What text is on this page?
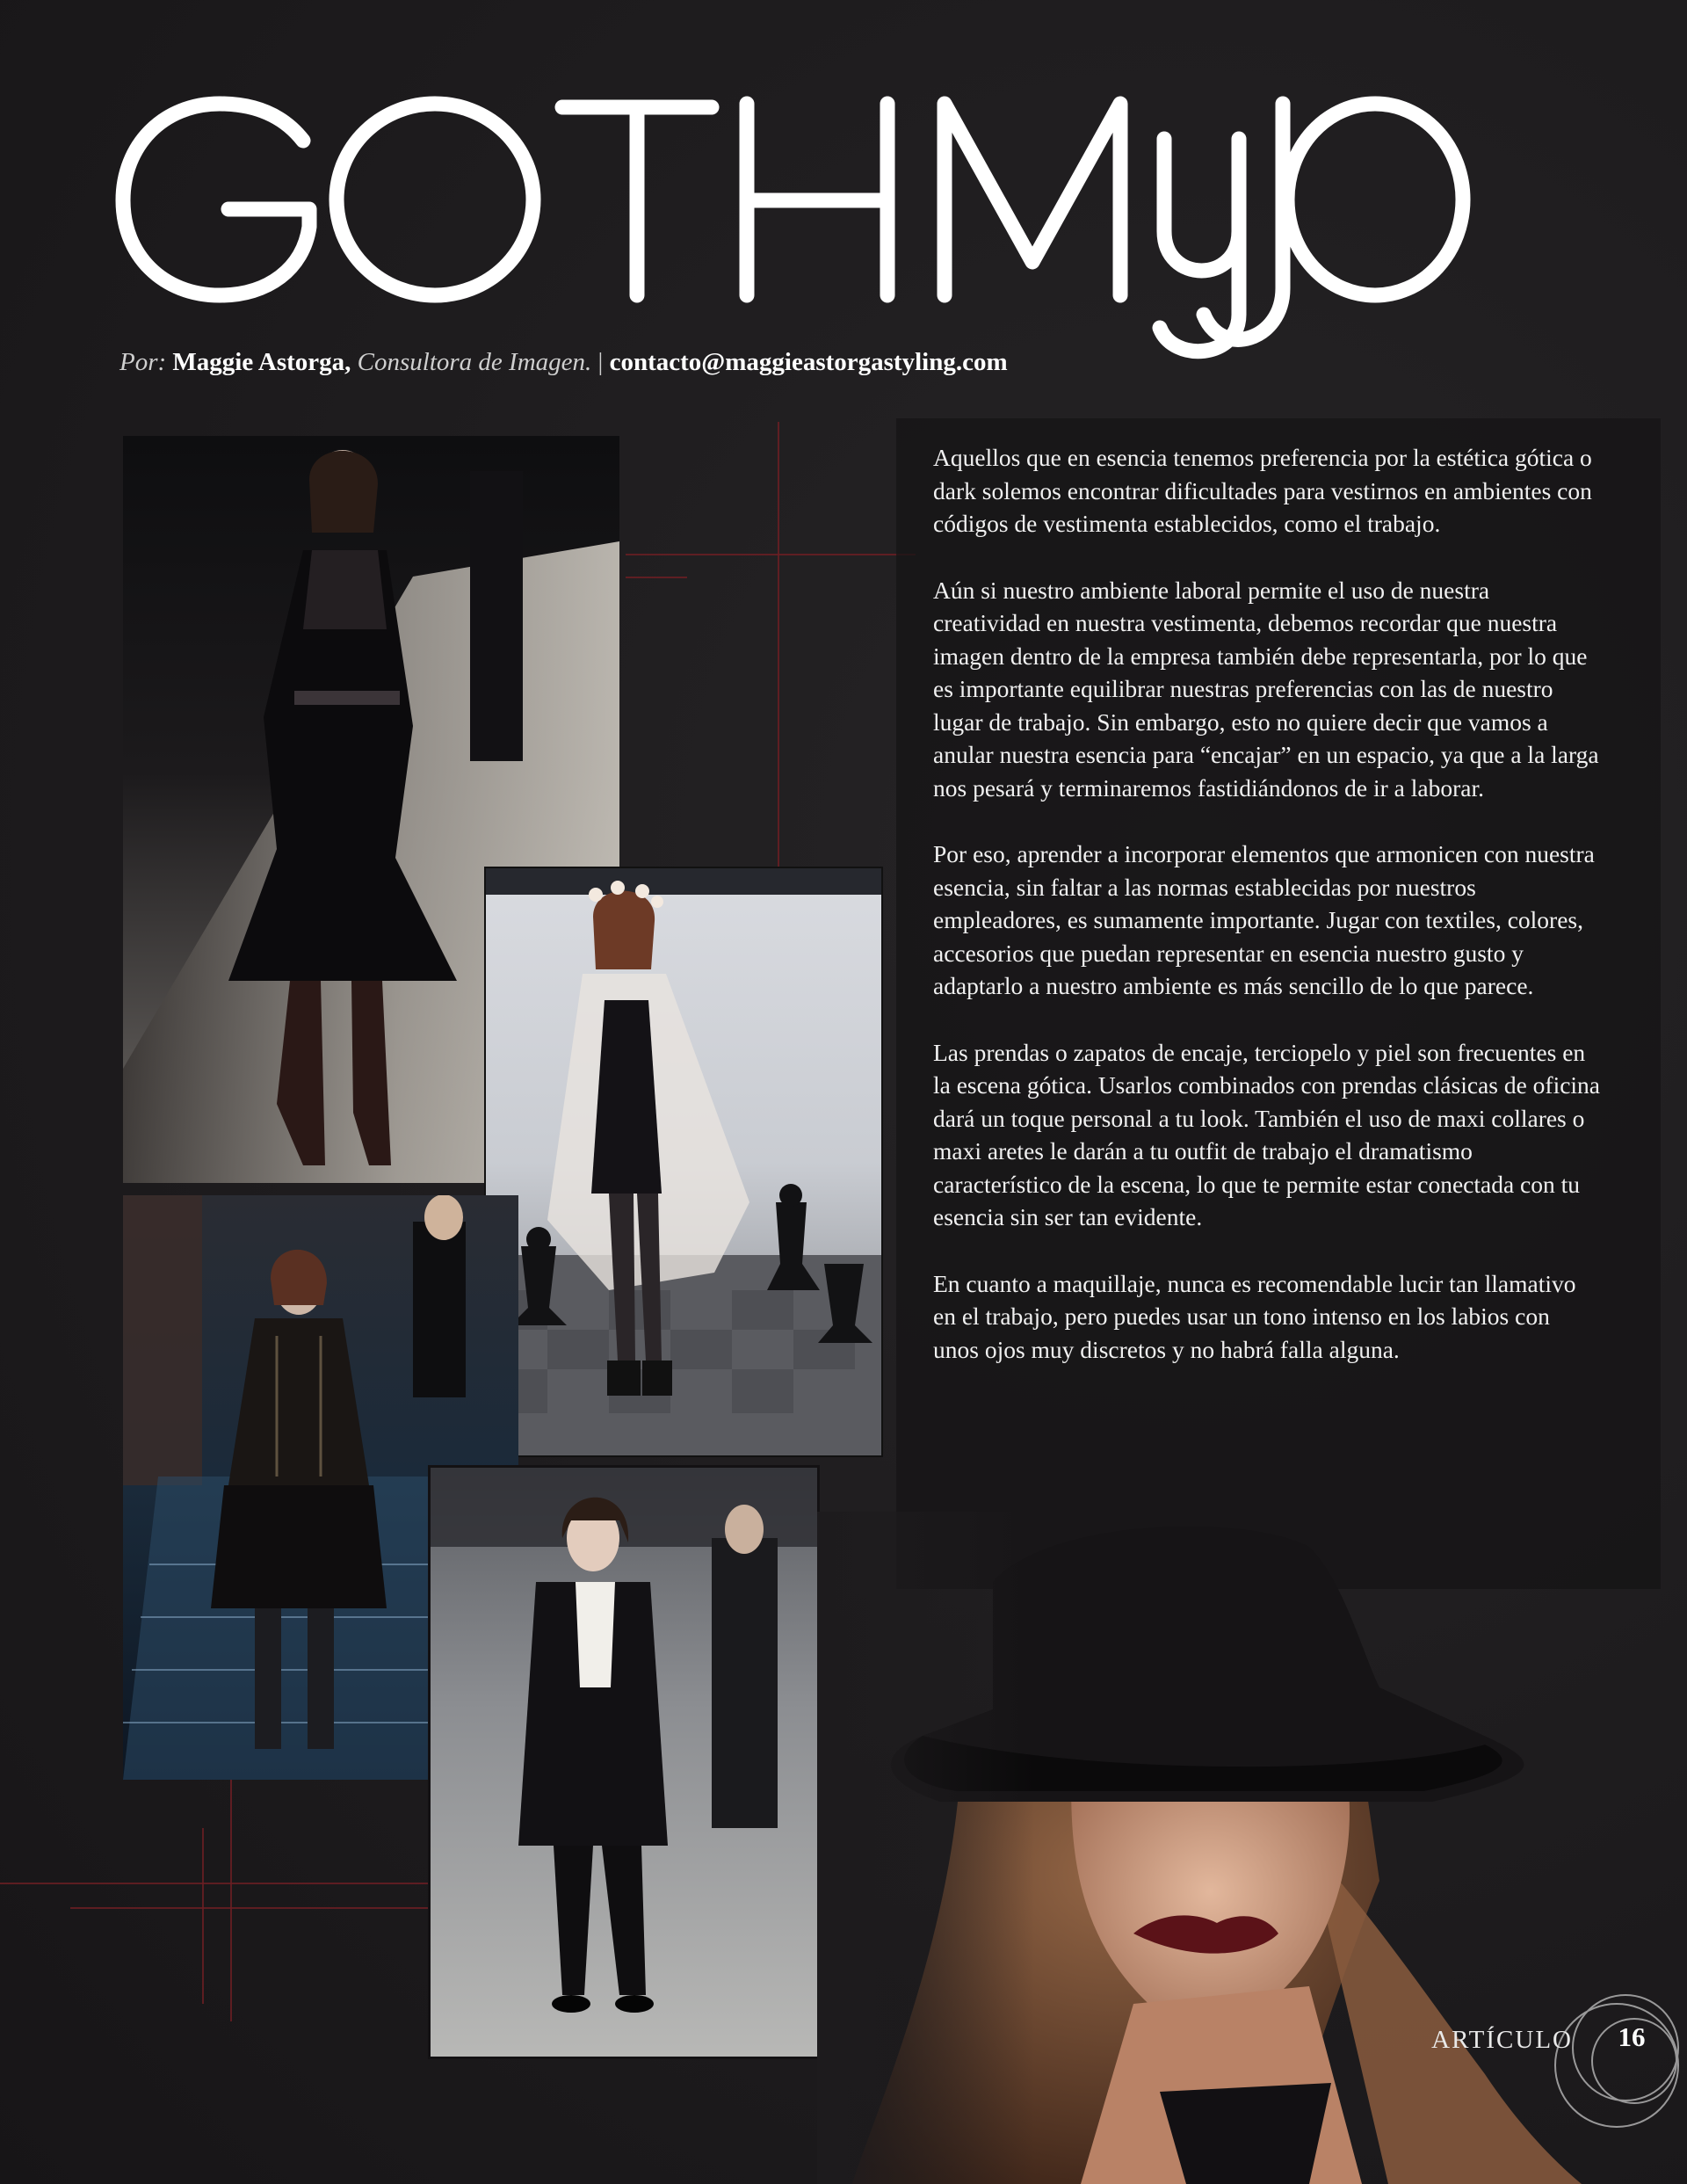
Por: Maggie Astorga, Consultora de Imagen. | contacto@maggieastorgastyling.com

Aquellos que en esencia tenemos preferencia por la estética gótica o dark solemos encontrar dificultades para vestirnos en ambientes con códigos de vestimenta establecidos, como el trabajo.

Aún si nuestro ambiente laboral permite el uso de nuestra creatividad en nuestra vestimenta, debemos recordar que nuestra imagen dentro de la empresa también debe representarla, por lo que es importante equilibrar nuestras preferencias con las de nuestro lugar de trabajo. Sin embargo, esto no quiere decir que vamos a anular nuestra esencia para “encajar” en un espacio, ya que a la larga nos pesará y terminaremos fastidiándonos de ir a laborar.

Por eso, aprender a incorporar elementos que armonicen con nuestra esencia, sin faltar a las normas establecidas por nuestros empleadores, es sumamente importante. Jugar con textiles, colores, accesorios que puedan representar en esencia nuestro gusto y adaptarlo a nuestro ambiente es más sencillo de lo que parece.

Las prendas o zapatos de encaje, terciopelo y piel son frecuentes en la escena gótica. Usarlos combinados con prendas clásicas de oficina dará un toque personal a tu look. También el uso de maxi collares o maxi aretes le darán a tu outfit de trabajo el dramatismo característico de la escena, lo que te permite estar conectada con tu esencia sin ser tan evidente.

En cuanto a maquillaje, nunca es recomendable lucir tan llamativo en el trabajo, pero puedes usar un tono intenso en los labios con unos ojos muy discretos y no habrá falla alguna.

ARTÍCULO	16
